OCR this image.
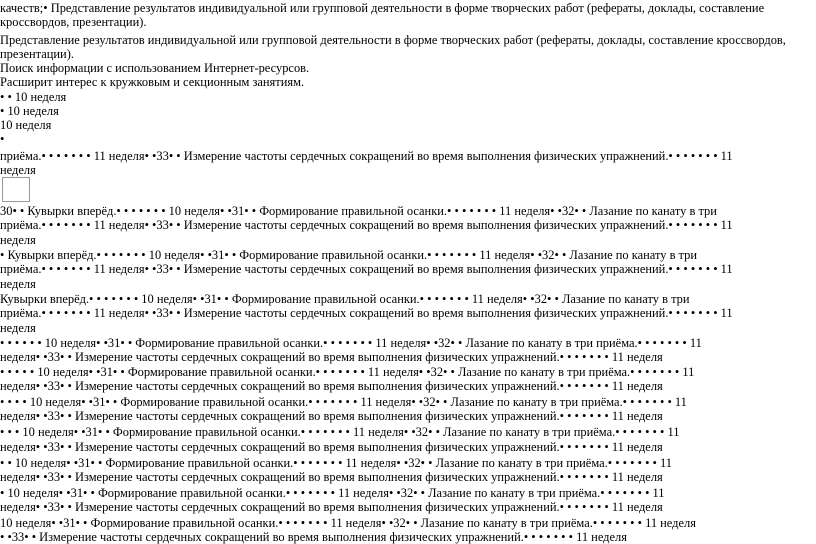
качеств;• Представление результатов индивидуальной или групповой деятельности в форме творческих работ (рефераты, доклады, составление
кроссвордов, презентации).
Представление результатов индивидуальной или групповой деятельности в форме творческих работ (рефераты, доклады, составление кроссвордов,
презентации).
Поиск информации с использованием Интернет-ресурсов.
Расширит интерес к кружковым и секционным занятиям.
• • 10 неделя
• 10 неделя
10 неделя
•
приёма.• • • • • • • 11 неделя• •33• • Измерение частоты сердечных сокращений во время выполнения физических упражнений.• • • • • • • 11
неделя
30• • Кувырки вперёд.• • • • • • • 10 неделя• •31• • Формирование правильной осанки.• • • • • • • 11 неделя• •32• • Лазание по канату в три
приёма.• • • • • • • 11 неделя• •33• • Измерение частоты сердечных сокращений во время выполнения физических упражнений.• • • • • • • 11
неделя
• Кувырки вперёд.• • • • • • • 10 неделя• •31• • Формирование правильной осанки.• • • • • • • 11 неделя• •32• • Лазание по канату в три
приёма.• • • • • • • 11 неделя• •33• • Измерение частоты сердечных сокращений во время выполнения физических упражнений.• • • • • • • 11
неделя
Кувырки вперёд.• • • • • • • 10 неделя• •31• • Формирование правильной осанки.• • • • • • • 11 неделя• •32• • Лазание по канату в три
приёма.• • • • • • • 11 неделя• •33• • Измерение частоты сердечных сокращений во время выполнения физических упражнений.• • • • • • • 11
неделя
• • • • • • 10 неделя• •31• • Формирование правильной осанки.• • • • • • • 11 неделя• •32• • Лазание по канату в три приёма.• • • • • • • 11
неделя• •33• • Измерение частоты сердечных сокращений во время выполнения физических упражнений.• • • • • • • 11 неделя
• • • • • 10 неделя• •31• • Формирование правильной осанки.• • • • • • • 11 неделя• •32• • Лазание по канату в три приёма.• • • • • • • 11
неделя• •33• • Измерение частоты сердечных сокращений во время выполнения физических упражнений.• • • • • • • 11 неделя
• • • • 10 неделя• •31• • Формирование правильной осанки.• • • • • • • 11 неделя• •32• • Лазание по канату в три приёма.• • • • • • • 11
неделя• •33• • Измерение частоты сердечных сокращений во время выполнения физических упражнений.• • • • • • • 11 неделя
• • • 10 неделя• •31• • Формирование правильной осанки.• • • • • • • 11 неделя• •32• • Лазание по канату в три приёма.• • • • • • • 11
неделя• •33• • Измерение частоты сердечных сокращений во время выполнения физических упражнений.• • • • • • • 11 неделя
• • 10 неделя• •31• • Формирование правильной осанки.• • • • • • • 11 неделя• •32• • Лазание по канату в три приёма.• • • • • • • 11
неделя• •33• • Измерение частоты сердечных сокращений во время выполнения физических упражнений.• • • • • • • 11 неделя
• 10 неделя• •31• • Формирование правильной осанки.• • • • • • • 11 неделя• •32• • Лазание по канату в три приёма.• • • • • • • 11
неделя• •33• • Измерение частоты сердечных сокращений во время выполнения физических упражнений.• • • • • • • 11 неделя
10 неделя• •31• • Формирование правильной осанки.• • • • • • • 11 неделя• •32• • Лазание по канату в три приёма.• • • • • • • 11 неделя
• •33• • Измерение частоты сердечных сокращений во время выполнения физических упражнений.• • • • • • • 11 неделя
